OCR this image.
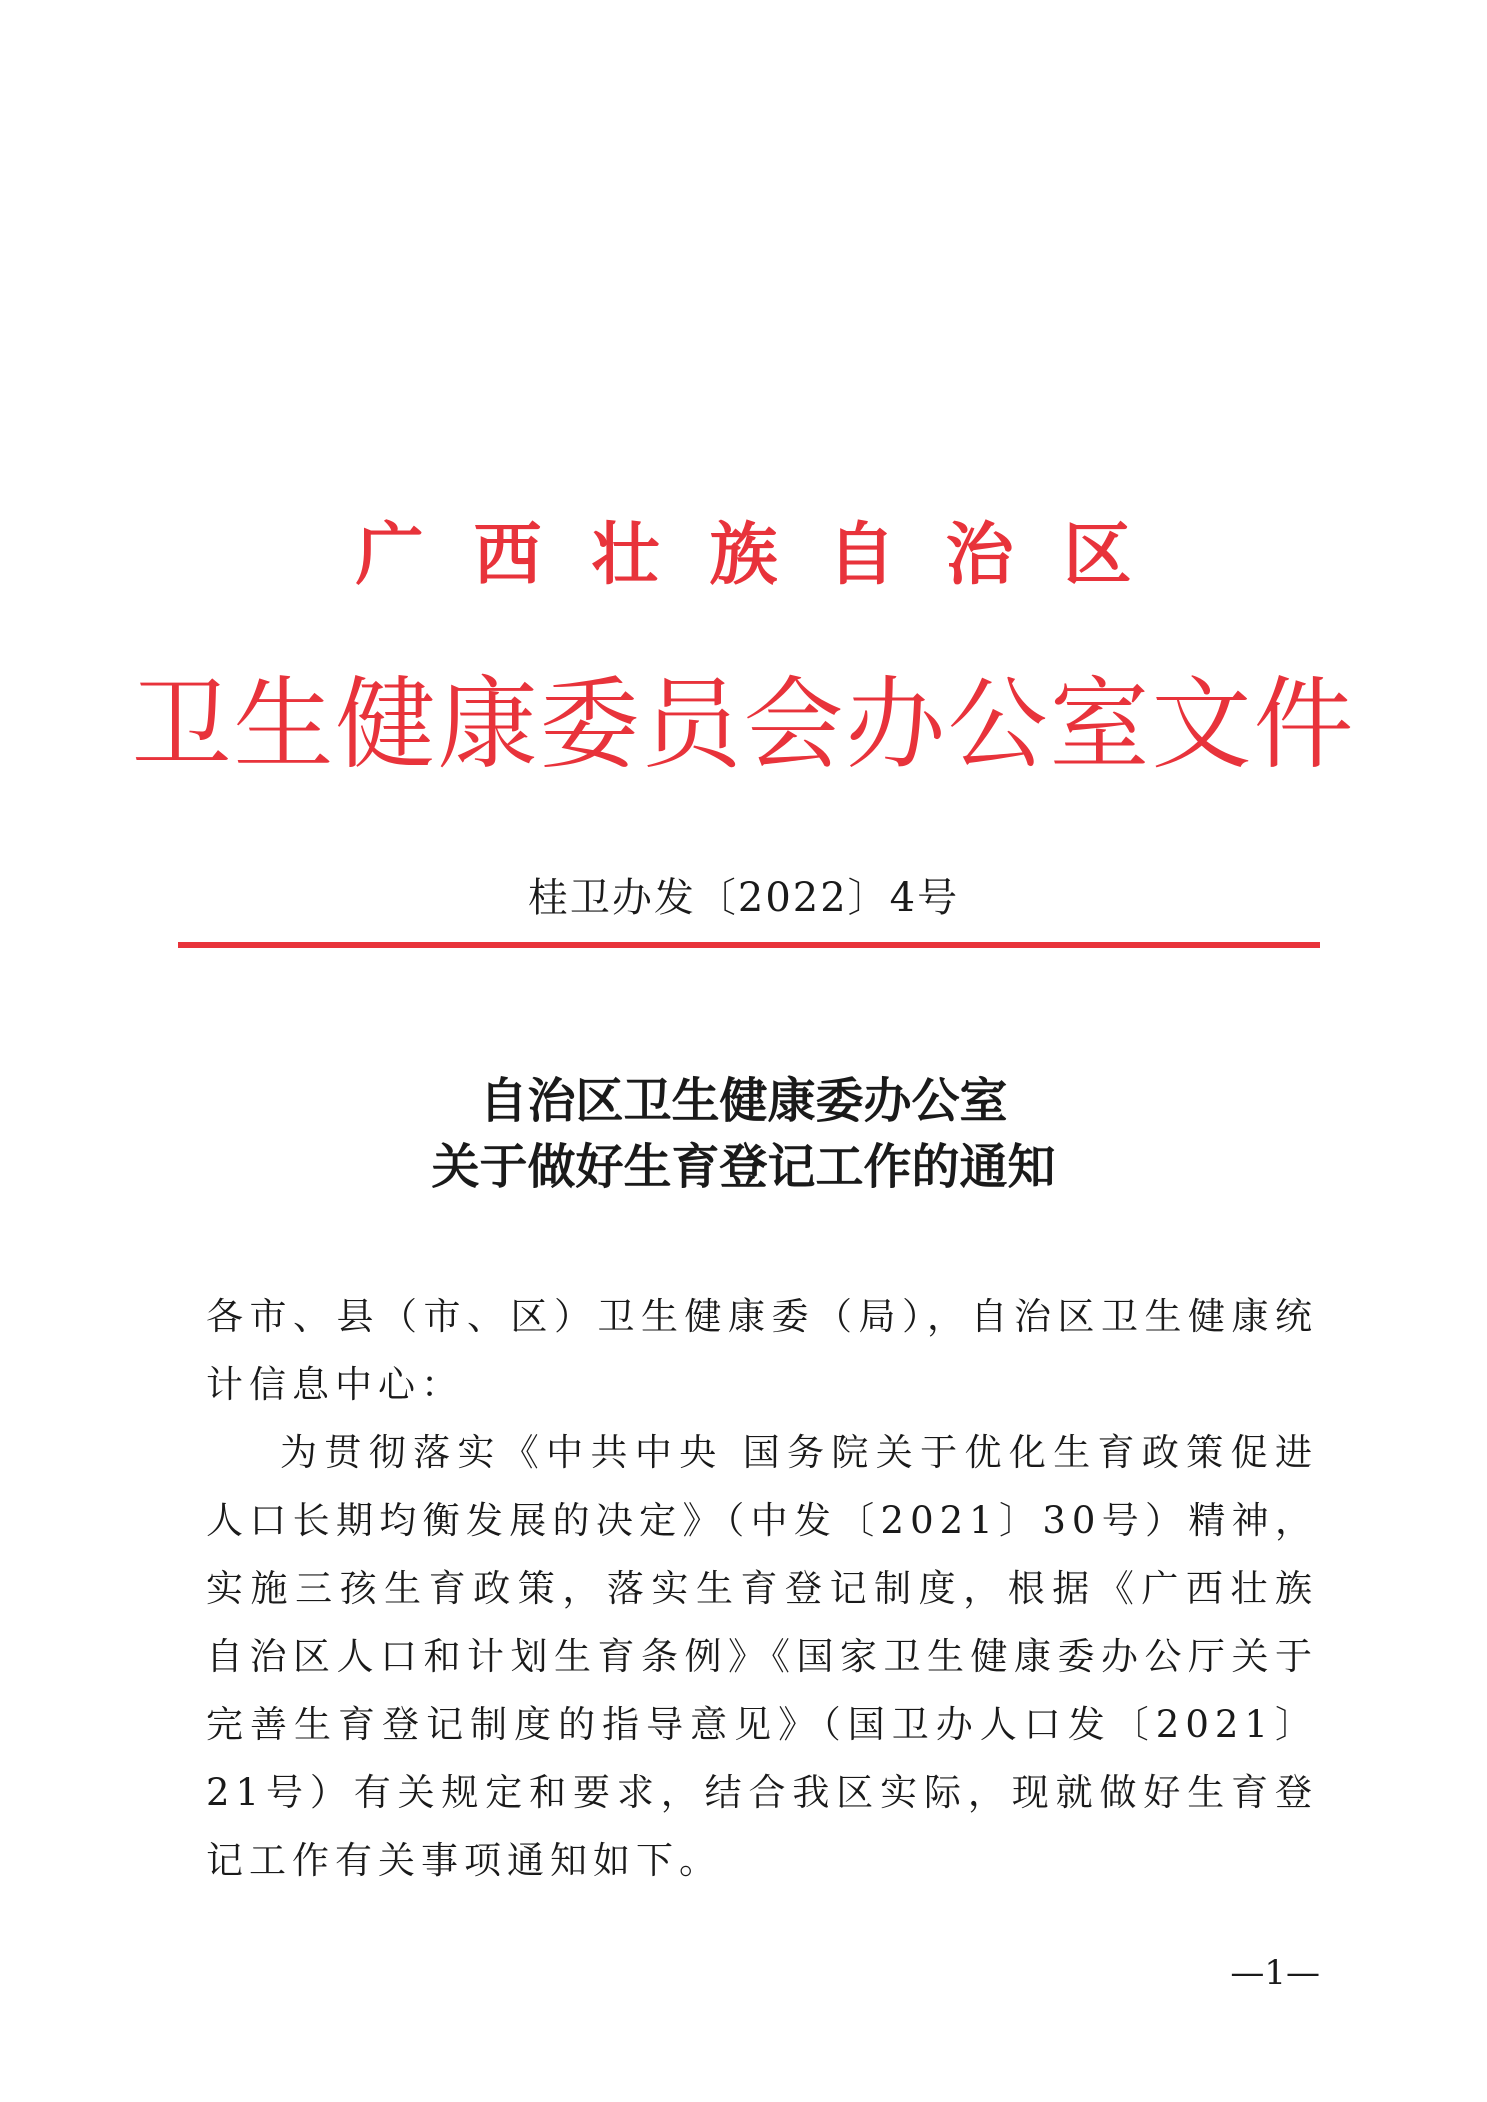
广西壮族自治区
卫生健康委员会办公室文件
桂卫办发〔2022〕4号
自治区卫生健康委办公室
关于做好生育登记工作的通知

各市、县（市、区）卫生健康委（局），自治区卫生健康统计信息中心：

为贯彻落实《中共中央 国务院关于优化生育政策促进人口长期均衡发展的决定》（中发〔2021〕30号）精神，实施三孩生育政策，落实生育登记制度，根据《广西壮族自治区人口和计划生育条例》《国家卫生健康委办公厅关于完善生育登记制度的指导意见》（国卫办人口发〔2021〕21号）有关规定和要求，结合我区实际，现就做好生育登记工作有关事项通知如下。

—1—
